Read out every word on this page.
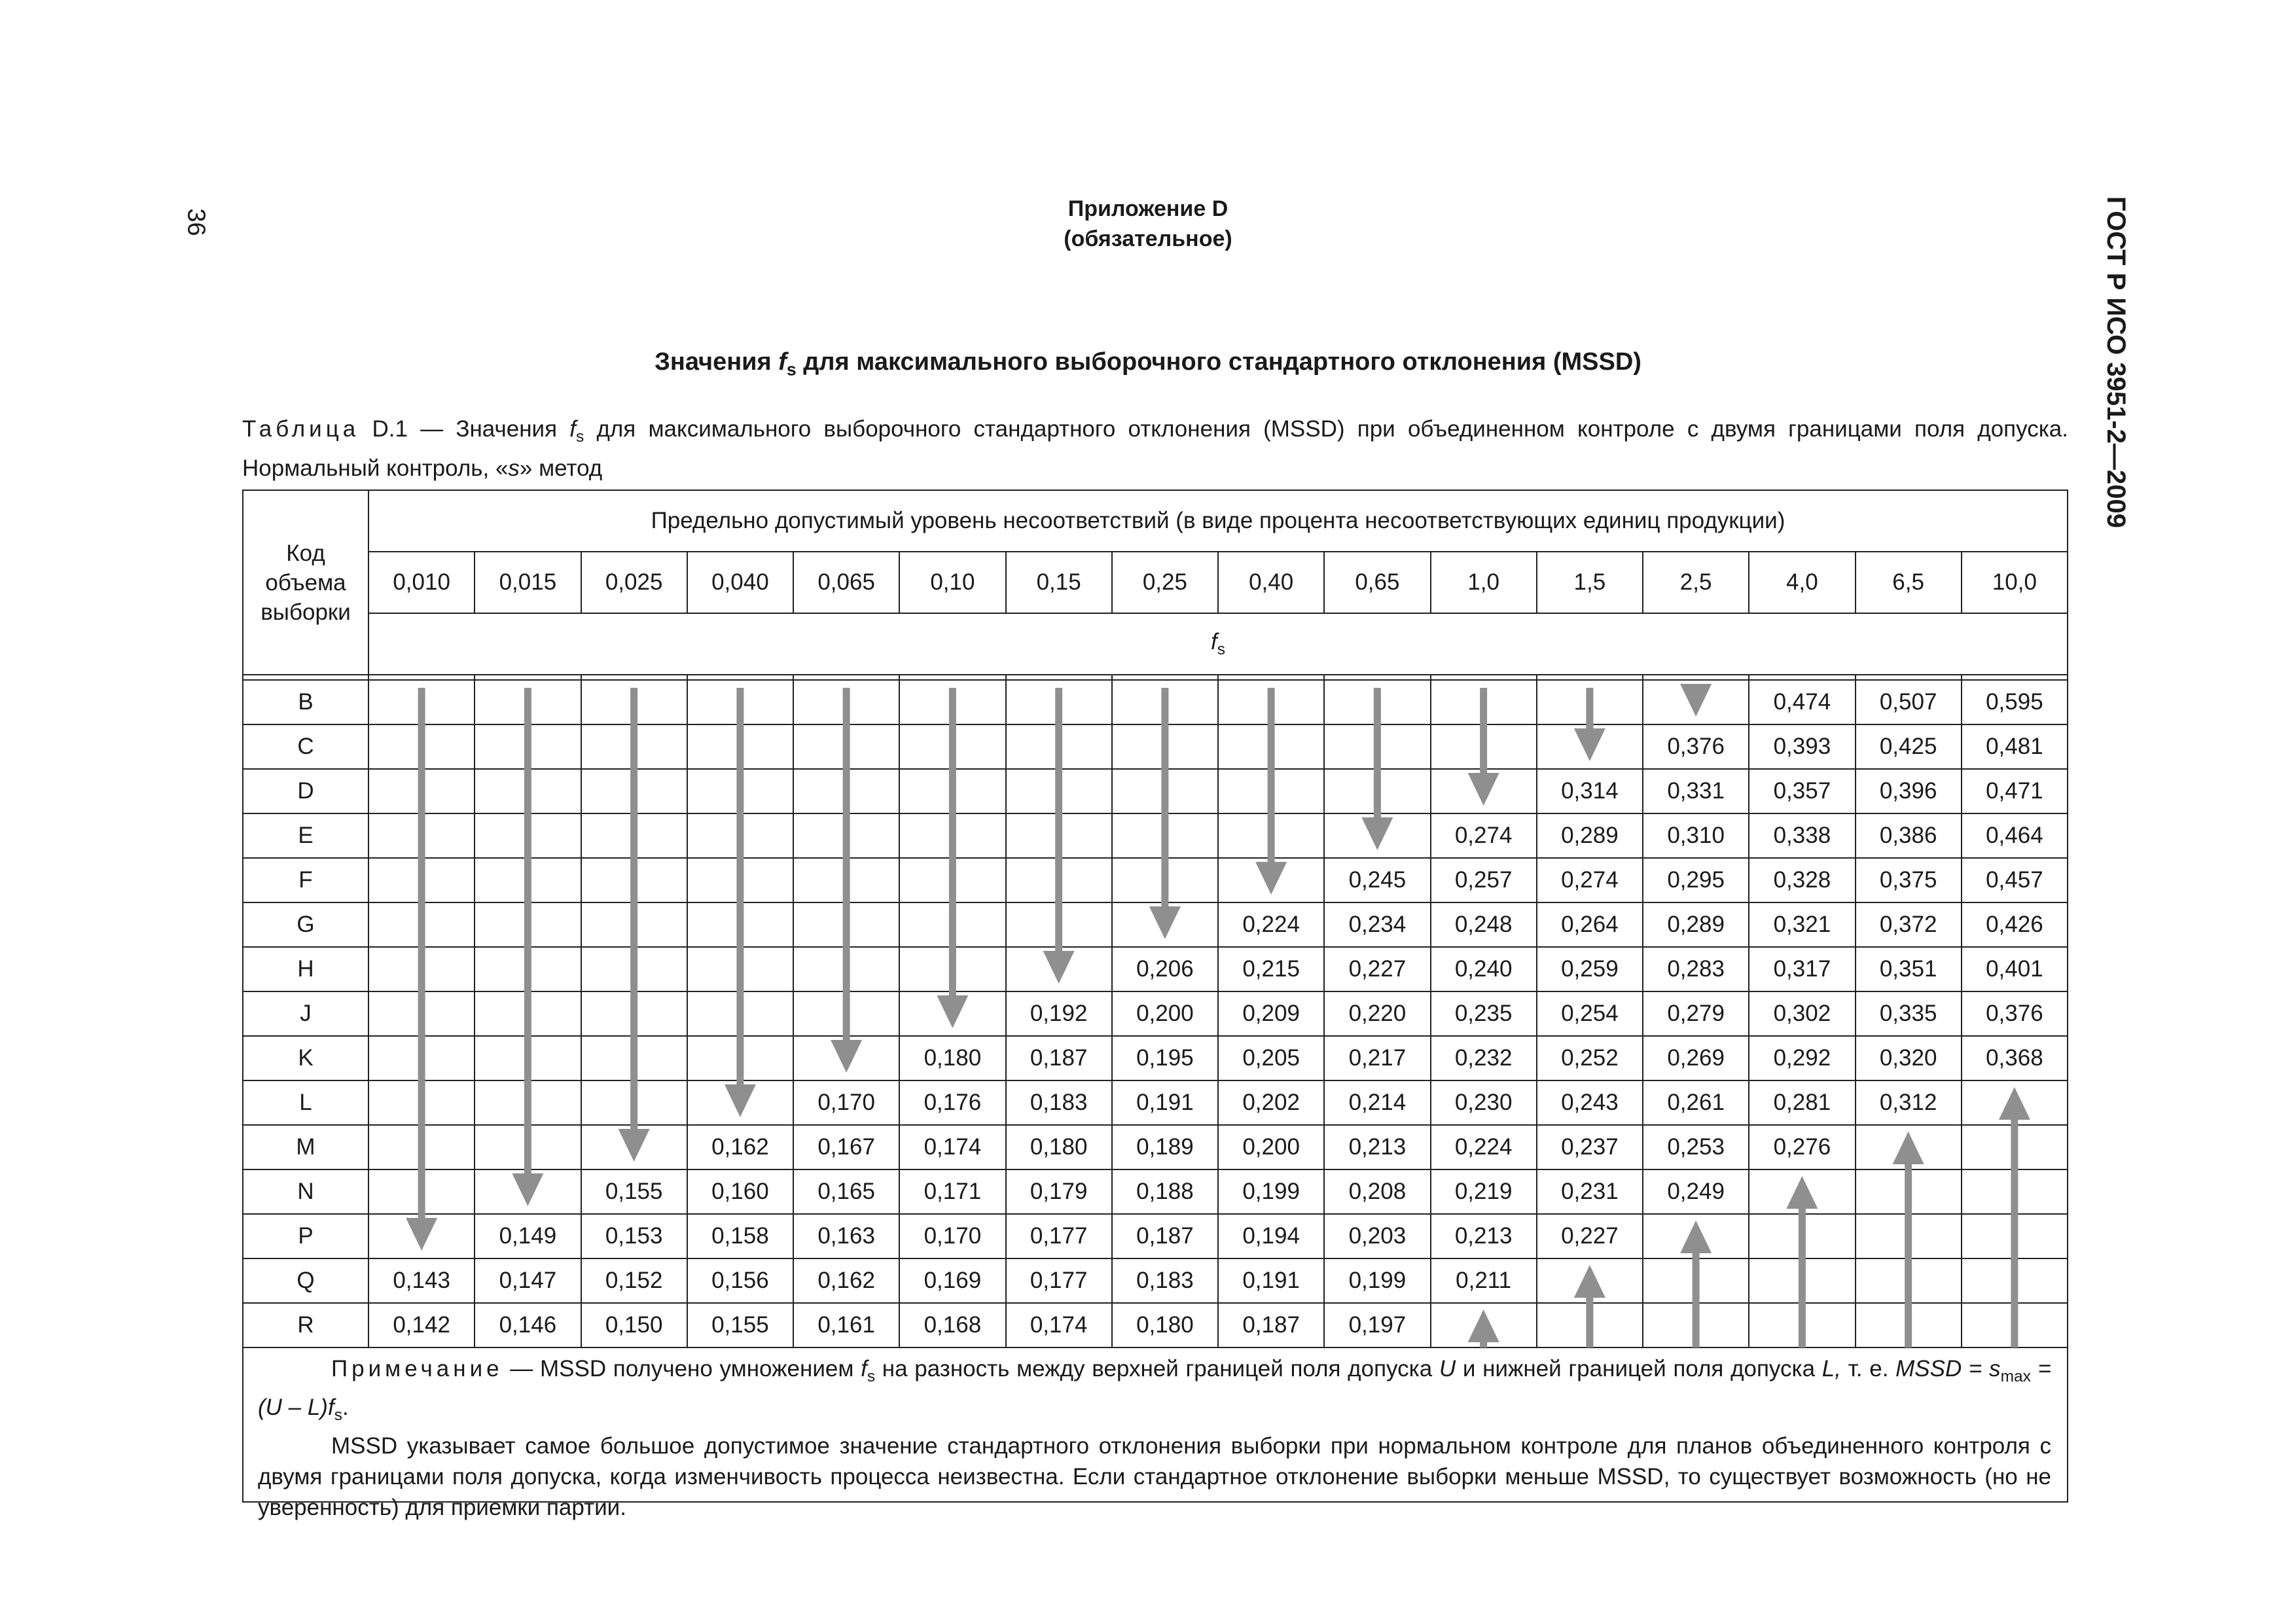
36	ГОСТ Р ИСО 3951-2—2009
Приложение D
(обязательное)
Значения $f_s$ для максимального выборочного стандартного отклонения (MSSD)
Таблица D.1 — Значения $f_s$ для максимального выборочного стандартного отклонения (MSSD) при объединенном контроле с двумя границами поля допуска. Нормальный контроль, «s» метод
Код объема выборки	Предельно допустимый уровень несоответствий (в виде процента несоответствующих единиц продукции)															
	0,010	0,015	0,025	0,040	0,065	0,10	0,15	0,25	0,40	0,65	1,0	1,5	2,5	4,0	6,5	10,0
	$f_s$

B														0,474	0,507	0,595
C													0,376	0,393	0,425	0,481
D												0,314	0,331	0,357	0,396	0,471
E											0,274	0,289	0,310	0,338	0,386	0,464
F										0,245	0,257	0,274	0,295	0,328	0,375	0,457
G									0,224	0,234	0,248	0,264	0,289	0,321	0,372	0,426
H								0,206	0,215	0,227	0,240	0,259	0,283	0,317	0,351	0,401
J							0,192	0,200	0,209	0,220	0,235	0,254	0,279	0,302	0,335	0,376
K						0,180	0,187	0,195	0,205	0,217	0,232	0,252	0,269	0,292	0,320	0,368
L					0,170	0,176	0,183	0,191	0,202	0,214	0,230	0,243	0,261	0,281	0,312	
M				0,162	0,167	0,174	0,180	0,189	0,200	0,213	0,224	0,237	0,253	0,276		
N			0,155	0,160	0,165	0,171	0,179	0,188	0,199	0,208	0,219	0,231	0,249			
P		0,149	0,153	0,158	0,163	0,170	0,177	0,187	0,194	0,203	0,213	0,227				
Q	0,143	0,147	0,152	0,156	0,162	0,169	0,177	0,183	0,191	0,199	0,211					
R	0,142	0,146	0,150	0,155	0,161	0,168	0,174	0,180	0,187	0,197						

Примечание — MSSD получено умножением $f_s$ на разность между верхней границей поля допуска U и нижней границей поля допуска L, т. е. MSSD = $s_{max} = (U - L)f_s$.

MSSD указывает самое большое допустимое значение стандартного отклонения выборки при нормальном контроле для планов объединенного контроля с двумя границами поля допуска, когда изменчивость процесса неизвестна. Если стандартное отклонение выборки меньше MSSD, то существует возможность (но не уверенность) для приемки партии.
